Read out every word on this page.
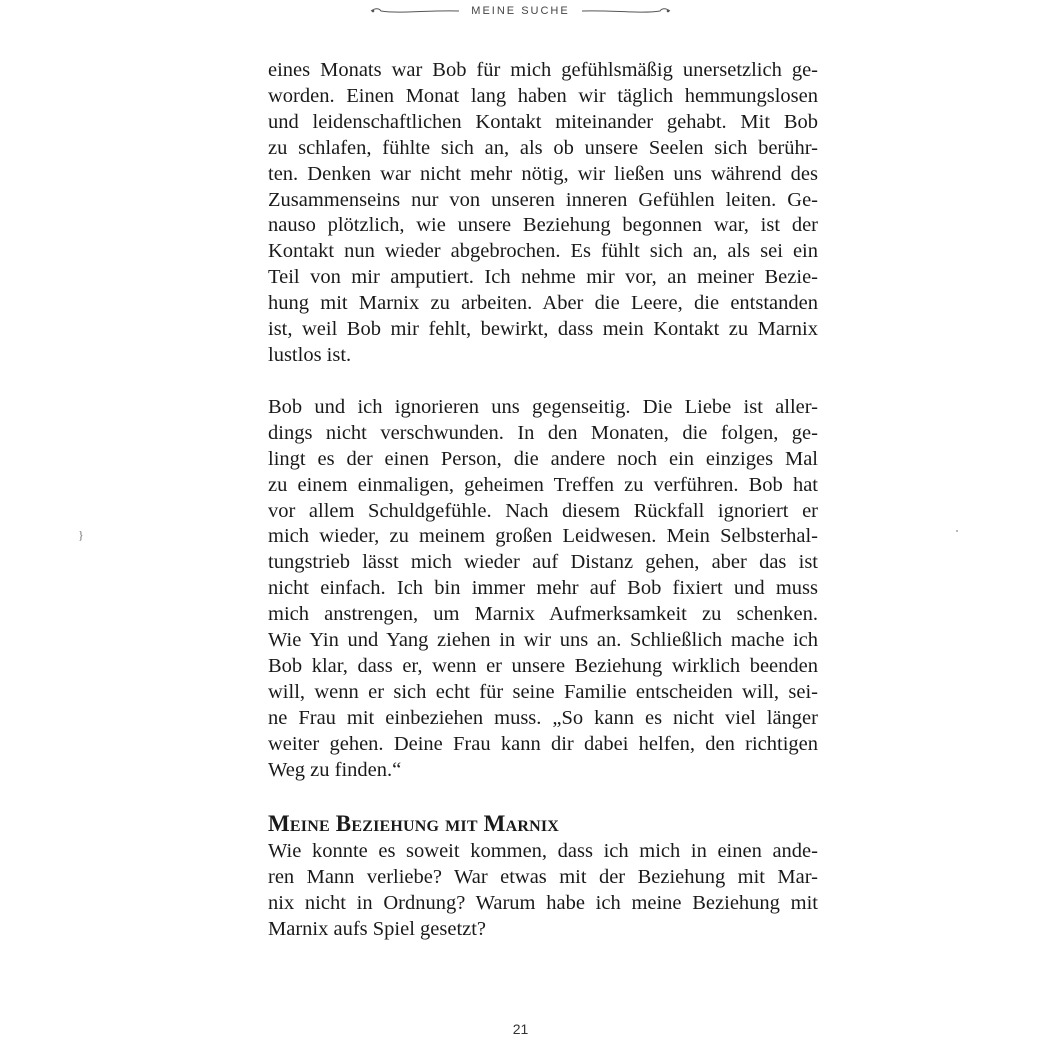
MEINE SUCHE
}

eines Monats war Bob für mich gefühlsmäßig unersetzlich ge-
worden. Einen Monat lang haben wir täglich hemmungslosen
und leidenschaftlichen Kontakt miteinander gehabt. Mit Bob
zu schlafen, fühlte sich an, als ob unsere Seelen sich berühr-
ten. Denken war nicht mehr nötig, wir ließen uns während des
Zusammenseins nur von unseren inneren Gefühlen leiten. Ge-
nauso plötzlich, wie unsere Beziehung begonnen war, ist der
Kontakt nun wieder abgebrochen. Es fühlt sich an, als sei ein
Teil von mir amputiert. Ich nehme mir vor, an meiner Bezie-
hung mit Marnix zu arbeiten. Aber die Leere, die entstanden
ist, weil Bob mir fehlt, bewirkt, dass mein Kontakt zu Marnix
lustlos ist.

Bob und ich ignorieren uns gegenseitig. Die Liebe ist aller-
dings nicht verschwunden. In den Monaten, die folgen, ge-
lingt es der einen Person, die andere noch ein einziges Mal
zu einem einmaligen, geheimen Treffen zu verführen. Bob hat
vor allem Schuldgefühle. Nach diesem Rückfall ignoriert er
mich wieder, zu meinem großen Leidwesen. Mein Selbsterhal-
tungstrieb lässt mich wieder auf Distanz gehen, aber das ist
nicht einfach. Ich bin immer mehr auf Bob fixiert und muss
mich anstrengen, um Marnix Aufmerksamkeit zu schenken.
Wie Yin und Yang ziehen in wir uns an. Schließlich mache ich
Bob klar, dass er, wenn er unsere Beziehung wirklich beenden
will, wenn er sich echt für seine Familie entscheiden will, sei-
ne Frau mit einbeziehen muss. „So kann es nicht viel länger
weiter gehen. Deine Frau kann dir dabei helfen, den richtigen
Weg zu finden.“

Meine Beziehung mit Marnix

Wie konnte es soweit kommen, dass ich mich in einen ande-
ren Mann verliebe? War etwas mit der Beziehung mit Mar-
nix nicht in Ordnung? Warum habe ich meine Beziehung mit
Marnix aufs Spiel gesetzt?

21
